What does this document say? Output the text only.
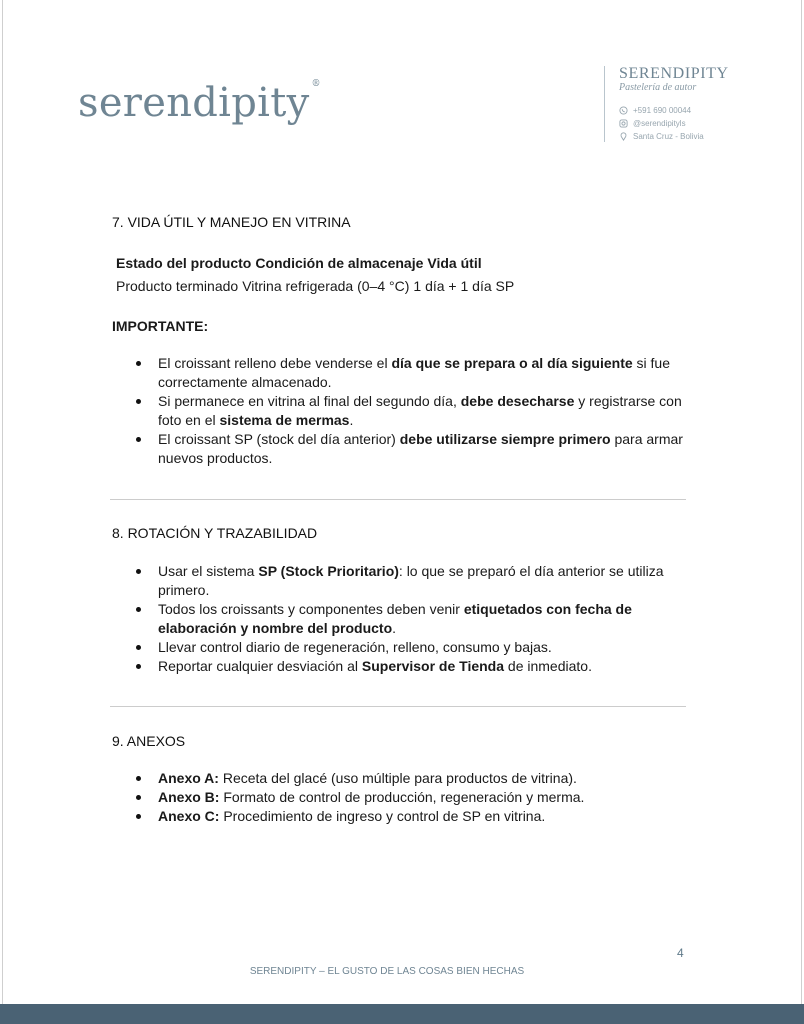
serendipity ®
SERENDIPITY
Pastelería de autor
+591 690 00044
@serendipityls
Santa Cruz - Bolivia
7. VIDA ÚTIL Y MANEJO EN VITRINA
Estado del producto Condición de almacenaje Vida útil
Producto terminado Vitrina refrigerada (0–4 °C) 1 día + 1 día SP
IMPORTANTE:
El croissant relleno debe venderse el día que se prepara o al día siguiente si fue correctamente almacenado.
Si permanece en vitrina al final del segundo día, debe desecharse y registrarse con foto en el sistema de mermas.
El croissant SP (stock del día anterior) debe utilizarse siempre primero para armar nuevos productos.
8. ROTACIÓN Y TRAZABILIDAD
Usar el sistema SP (Stock Prioritario): lo que se preparó el día anterior se utiliza primero.
Todos los croissants y componentes deben venir etiquetados con fecha de elaboración y nombre del producto.
Llevar control diario de regeneración, relleno, consumo y bajas.
Reportar cualquier desviación al Supervisor de Tienda de inmediato.
9. ANEXOS
Anexo A: Receta del glacé (uso múltiple para productos de vitrina).
Anexo B: Formato de control de producción, regeneración y merma.
Anexo C: Procedimiento de ingreso y control de SP en vitrina.
4
SERENDIPITY – EL GUSTO DE LAS COSAS BIEN HECHAS
